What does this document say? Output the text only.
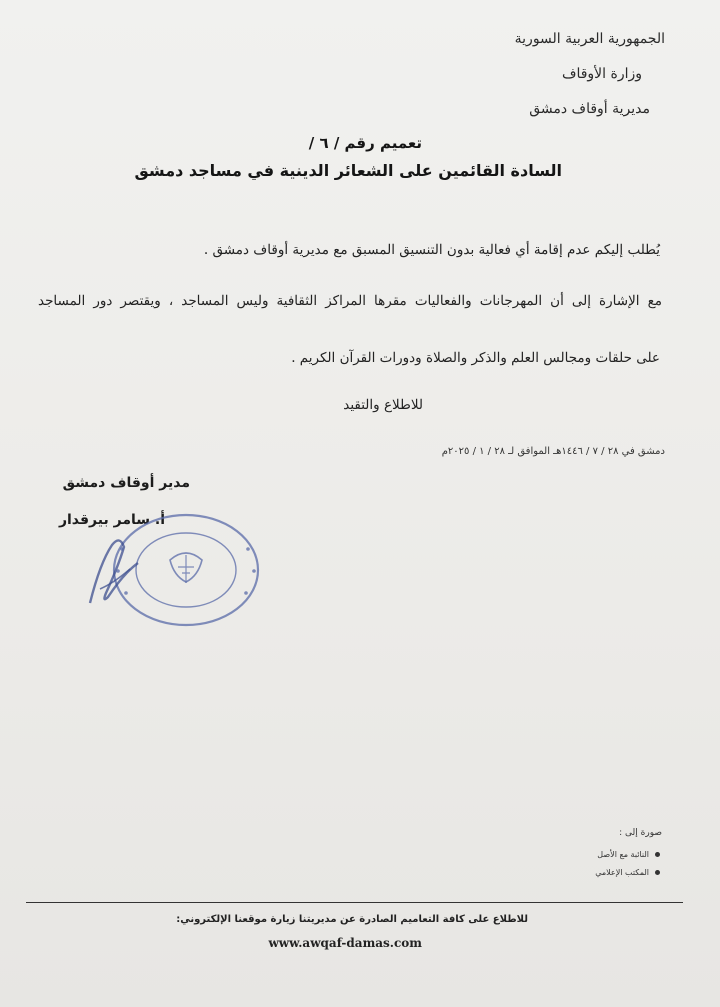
الجمهورية العربية السورية
وزارة الأوقاف
مديرية أوقاف دمشق
تعميم رقم / ٦ /
السادة القائمين على الشعائر الدينية في مساجد دمشق
يُطلب إليكم عدم إقامة أي فعالية بدون التنسيق المسبق مع مديرية أوقاف دمشق .
مع الإشارة إلى أن المهرجانات والفعاليات مقرها المراكز الثقافية وليس المساجد ، ويقتصر دور المساجد
على حلقات ومجالس العلم والذكر والصلاة ودورات القرآن الكريم .
للاطلاع والتقيد
دمشق في ٢٨ / ٧ / ١٤٤٦هـ الموافق لـ ٢٨ / ١ / ٢٠٢٥م
مدير أوقاف دمشق
أ. سامر بيرقدار
صورة إلى :
النائبة مع الأصل
المكتب الإعلامي
للاطلاع على كافة التعاميم الصادرة عن مديريتنا زيارة موقعنا الإلكتروني:
www.awqaf-damas.com
